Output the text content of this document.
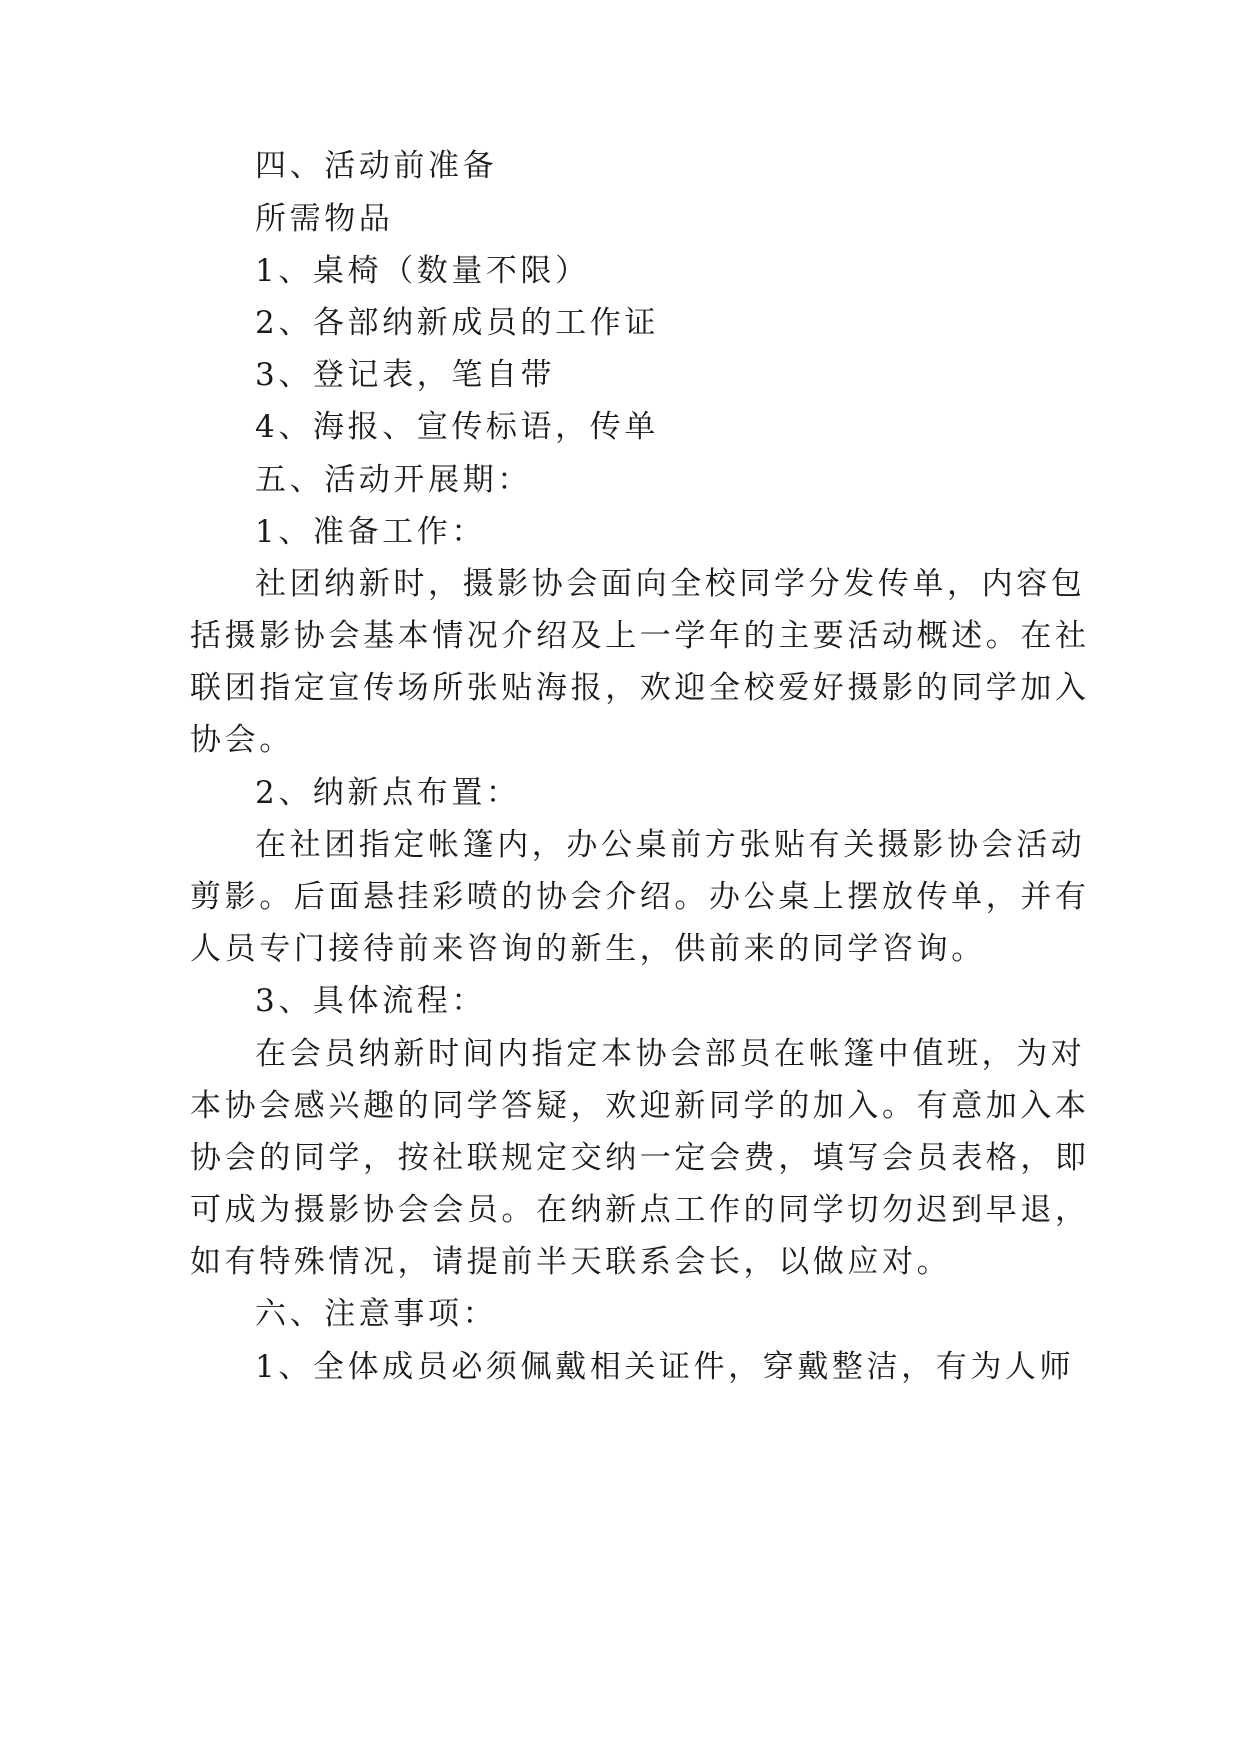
四、活动前准备
所需物品
1、桌椅（数量不限）
2、各部纳新成员的工作证
3、登记表，笔自带
4、海报、宣传标语，传单
五、活动开展期：
1、准备工作：
社团纳新时，摄影协会面向全校同学分发传单，内容包
括摄影协会基本情况介绍及上一学年的主要活动概述。在社
联团指定宣传场所张贴海报，欢迎全校爱好摄影的同学加入
协会。
2、纳新点布置：
在社团指定帐篷内，办公桌前方张贴有关摄影协会活动
剪影。后面悬挂彩喷的协会介绍。办公桌上摆放传单，并有
人员专门接待前来咨询的新生，供前来的同学咨询。
3、具体流程：
在会员纳新时间内指定本协会部员在帐篷中值班，为对
本协会感兴趣的同学答疑，欢迎新同学的加入。有意加入本
协会的同学，按社联规定交纳一定会费，填写会员表格，即
可成为摄影协会会员。在纳新点工作的同学切勿迟到早退，
如有特殊情况，请提前半天联系会长，以做应对。
六、注意事项：
1、全体成员必须佩戴相关证件，穿戴整洁，有为人师
